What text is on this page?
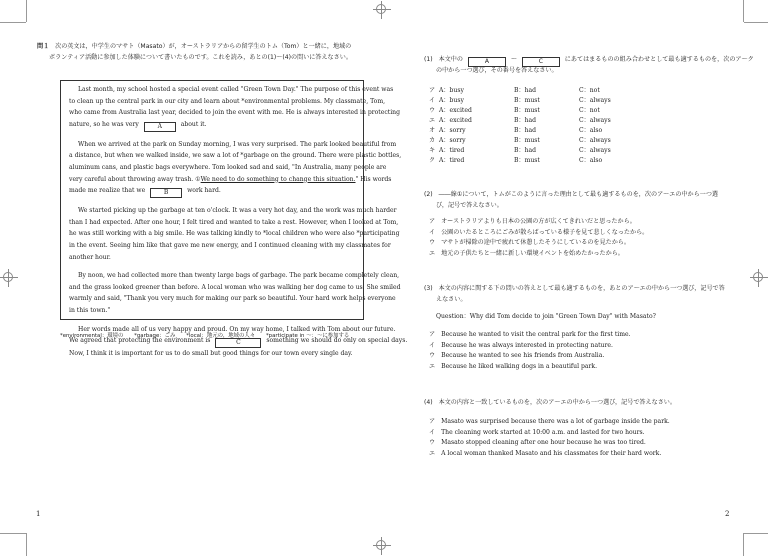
問１ 次の英文は，中学生のマサト（Masato）が，オーストラリアからの留学生のトム（Tom）と一緒に，地域の
ボランティア活動に参加した体験について書いたものです。これを読み，あとの(1)〜(4)の問いに答えなさい。
Last month, my school hosted a special event called "Green Town Day." The purpose of this event was
to clean up the central park in our city and learn about *environmental problems. My classmate, Tom,
who came from Australia last year, decided to join the event with me. He is always interested in protecting
nature, so he was very	A	about it.
When we arrived at the park on Sunday morning, I was very surprised. The park looked beautiful from
a distance, but when we walked inside, we saw a lot of *garbage on the ground. There were plastic bottles,
aluminum cans, and plastic bags everywhere. Tom looked sad and said, "In Australia, many people are
very careful about throwing away trash. ①We need to do something to change this situation." His words
made me realize that we	B	work hard.
We started picking up the garbage at ten o'clock. It was a very hot day, and the work was much harder
than I had expected. After one hour, I felt tired and wanted to take a rest. However, when I looked at Tom,
he was still working with a big smile. He was talking kindly to *local children who were also *participating
in the event. Seeing him like that gave me new energy, and I continued cleaning with my classmates for
another hour.
By noon, we had collected more than twenty large bags of garbage. The park became completely clean,
and the grass looked greener than before. A local woman who was walking her dog came to us. She smiled
warmly and said, "Thank you very much for making our park so beautiful. Your hard work helps everyone
in this town."
Her words made all of us very happy and proud. On my way home, I talked with Tom about our future.
We agreed that protecting the environment is	C	something we should do only on special days.
Now, I think it is important for us to do small but good things for our town every single day.
*environmental：環境の　　*garbage：ごみ　　*local：地元の，地域の人々　　*participate in 〜：〜に参加する
1
(1) 本文中の	A	〜	C	にあてはまるものの組み合わせとして最も適するものを，次のア〜ク
の中から一つ選び，その番号を答えなさい。
ア A：busy	B：had	C：not
イ A：busy	B：must	C：always
ウ A：excited	B：must	C：not
エ A：excited	B：had	C：always
オ A：sorry	B：had	C：also
カ A：sorry	B：must	C：always
キ A：tired	B：had	C：always
ク A：tired	B：must	C：also
(2) ――線①について，トムがこのように言った理由として最も適するものを，次のア〜エの中から一つ選
び，記号で答えなさい。
ア オーストラリアよりも日本の公園の方が広くてきれいだと思ったから。
イ 公園のいたるところにごみが散らばっている様子を見て悲しくなったから。
ウ マサトが掃除の途中で疲れて休憩したそうにしているのを見たから。
エ 地元の子供たちと一緒に新しい環境イベントを始めたかったから。
(3) 本文の内容に関する下の問いの答えとして最も適するものを，あとのア〜エの中から一つ選び，記号で答
えなさい。
Question：Why did Tom decide to join "Green Town Day" with Masato?
ア Because he wanted to visit the central park for the first time.
イ Because he was always interested in protecting nature.
ウ Because he wanted to see his friends from Australia.
エ Because he liked walking dogs in a beautiful park.
(4) 本文の内容と一致しているものを，次のア〜エの中から一つ選び，記号で答えなさい。
ア Masato was surprised because there was a lot of garbage inside the park.
イ The cleaning work started at 10:00 a.m. and lasted for two hours.
ウ Masato stopped cleaning after one hour because he was too tired.
エ A local woman thanked Masato and his classmates for their hard work.
2
